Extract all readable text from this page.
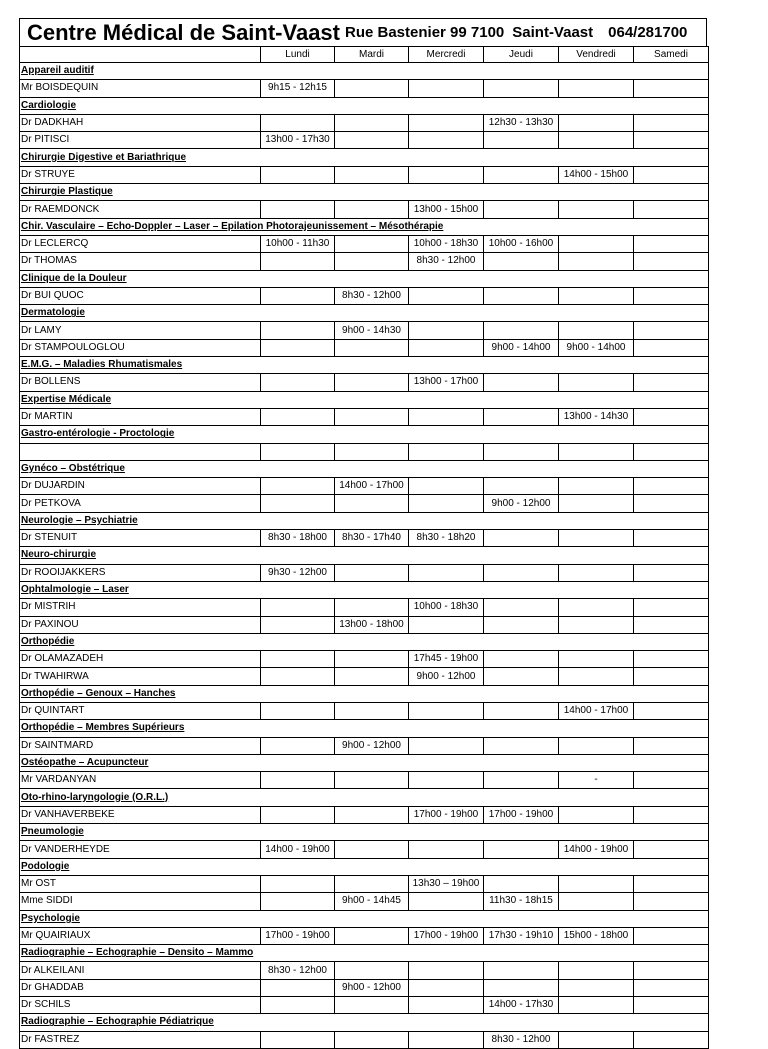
Centre Médical de Saint-Vaast Rue Bastenier 99 7100 Saint-Vaast 064/281700
	Lundi	Mardi	Mercredi	Jeudi	Vendredi	Samedi
Appareil auditif						
Mr BOISDEQUIN	9h15 - 12h15					
Cardiologie						
Dr DADKHAH				12h30 - 13h30		
Dr PITISCI	13h00 - 17h30					
Chirurgie Digestive et Bariathrique						
Dr STRUYE					14h00 - 15h00	
Chirurgie Plastique						
Dr RAEMDONCK			13h00 - 15h00			
Chir. Vasculaire – Echo-Doppler – Laser – Epilation Photorajeunissement – Mésothérapie						
Dr LECLERCQ	10h00 - 11h30		10h00 - 18h30	10h00 - 16h00		
Dr THOMAS			8h30 - 12h00			
Clinique de la Douleur						
Dr BUI QUOC		8h30 - 12h00				
Dermatologie						
Dr LAMY		9h00 - 14h30				
Dr STAMPOULOGLOU				9h00 - 14h00	9h00 - 14h00	
E.M.G. – Maladies Rhumatismales						
Dr BOLLENS			13h00 - 17h00			
Expertise Médicale						
Dr MARTIN					13h00 - 14h30	
Gastro-entérologie - Proctologie						

Gynéco – Obstétrique						
Dr DUJARDIN		14h00 - 17h00				
Dr PETKOVA				9h00 - 12h00		
Neurologie – Psychiatrie						
Dr STENUIT	8h30 - 18h00	8h30 - 17h40	8h30 - 18h20			
Neuro-chirurgie						
Dr ROOIJAKKERS	9h30 - 12h00					
Ophtalmologie – Laser						
Dr MISTRIH			10h00 - 18h30			
Dr PAXINOU		13h00 - 18h00				
Orthopédie						
Dr OLAMAZADEH			17h45 - 19h00			
Dr TWAHIRWA			9h00 - 12h00			
Orthopédie – Genoux – Hanches						
Dr QUINTART					14h00 - 17h00	
Orthopédie – Membres Supérieurs						
Dr SAINTMARD		9h00 - 12h00				
Ostéopathe – Acupuncteur						
Mr VARDANYAN					-	
Oto-rhino-laryngologie (O.R.L.)						
Dr VANHAVERBEKE			17h00 - 19h00	17h00 - 19h00		
Pneumologie						
Dr VANDERHEYDE	14h00 - 19h00				14h00 - 19h00	
Podologie						
Mr OST			13h30 – 19h00			
Mme SIDDI		9h00 - 14h45		11h30 - 18h15		
Psychologie						
Mr QUAIRIAUX	17h00 - 19h00		17h00 - 19h00	17h30 - 19h10	15h00 - 18h00	
Radiographie – Echographie – Densito – Mammo						
Dr ALKEILANI	8h30 - 12h00					
Dr GHADDAB		9h00 - 12h00				
Dr SCHILS				14h00 - 17h30		
Radiographie – Echographie Pédiatrique						
Dr FASTREZ				8h30 - 12h00		
